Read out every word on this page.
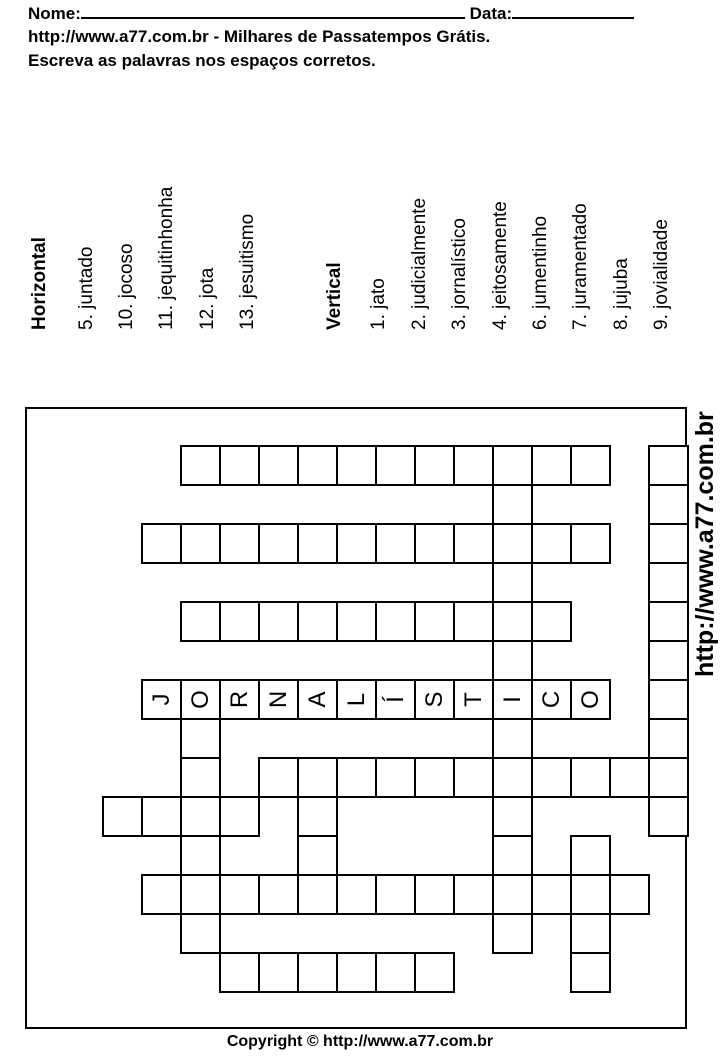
Nome:	Data:
http://www.a77.com.br - Milhares de Passatempos Grátis.
Escreva as palavras nos espaços corretos.
Horizontal 5. juntado 10. jocoso 11. jequitinhonha 12. jota 13. jesuitismo	Vertical 1. jato 2. judicialmente 3. jornalístico 4. jeitosamente 6. jumentinho 7. juramentado 8. jujuba 9. jovialidade
J O R N A L Í S T I C O
http://www.a77.com.br
Copyright © http://www.a77.com.br
